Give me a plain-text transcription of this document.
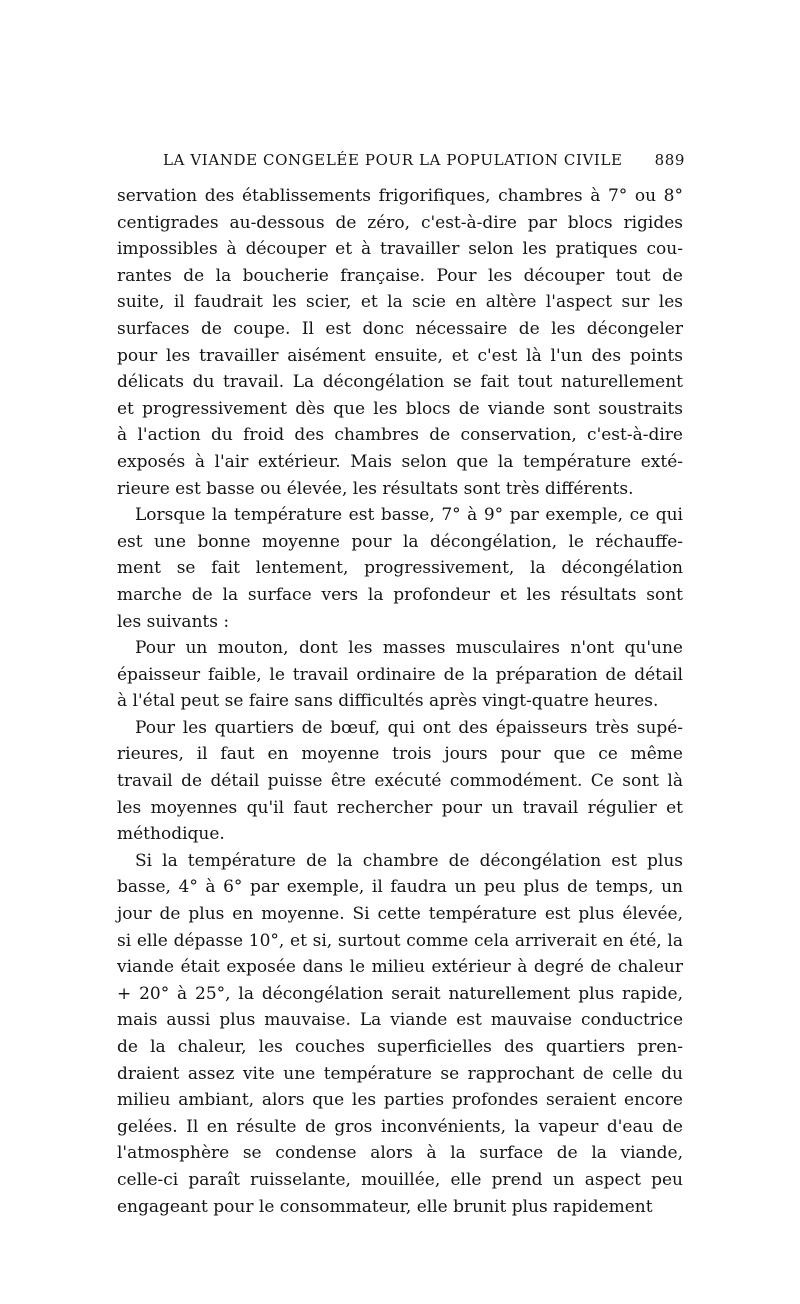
LA VIANDE CONGELÉE POUR LA POPULATION CIVILE 889

servation des établissements frigorifiques, chambres à 7° ou 8°
centigrades au-dessous de zéro, c'est-à-dire par blocs rigides
impossibles à découper et à travailler selon les pratiques cou-
rantes de la boucherie française. Pour les découper tout de
suite, il faudrait les scier, et la scie en altère l'aspect sur les
surfaces de coupe. Il est donc nécessaire de les décongeler
pour les travailler aisément ensuite, et c'est là l'un des points
délicats du travail. La décongélation se fait tout naturellement
et progressivement dès que les blocs de viande sont soustraits
à l'action du froid des chambres de conservation, c'est-à-dire
exposés à l'air extérieur. Mais selon que la température exté-
rieure est basse ou élevée, les résultats sont très différents.

Lorsque la température est basse, 7° à 9° par exemple, ce qui
est une bonne moyenne pour la décongélation, le réchauffe-
ment se fait lentement, progressivement, la décongélation
marche de la surface vers la profondeur et les résultats sont
les suivants :

Pour un mouton, dont les masses musculaires n'ont qu'une
épaisseur faible, le travail ordinaire de la préparation de détail
à l'étal peut se faire sans difficultés après vingt-quatre heures.

Pour les quartiers de bœuf, qui ont des épaisseurs très supé-
rieures, il faut en moyenne trois jours pour que ce même
travail de détail puisse être exécuté commodément. Ce sont là
les moyennes qu'il faut rechercher pour un travail régulier et
méthodique.

Si la température de la chambre de décongélation est plus
basse, 4° à 6° par exemple, il faudra un peu plus de temps, un
jour de plus en moyenne. Si cette température est plus élevée,
si elle dépasse 10°, et si, surtout comme cela arriverait en été, la
viande était exposée dans le milieu extérieur à degré de chaleur
+ 20° à 25°, la décongélation serait naturellement plus rapide,
mais aussi plus mauvaise. La viande est mauvaise conductrice
de la chaleur, les couches superficielles des quartiers pren-
draient assez vite une température se rapprochant de celle du
milieu ambiant, alors que les parties profondes seraient encore
gelées. Il en résulte de gros inconvénients, la vapeur d'eau de
l'atmosphère se condense alors à la surface de la viande,
celle-ci paraît ruisselante, mouillée, elle prend un aspect peu
engageant pour le consommateur, elle brunit plus rapidement
